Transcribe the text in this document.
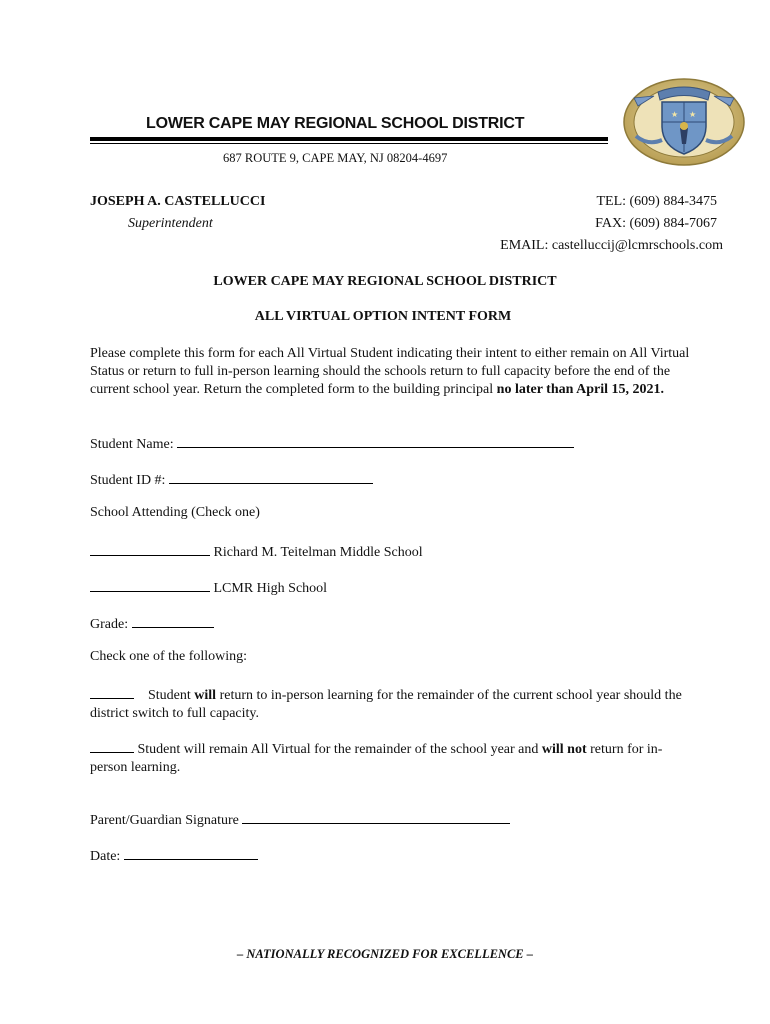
LOWER CAPE MAY REGIONAL SCHOOL DISTRICT
687 ROUTE 9, CAPE MAY, NJ 08204-4697
★ ★
JOSEPH A. CASTELLUCCI
Superintendent
TEL: (609) 884-3475
FAX: (609) 884-7067
EMAIL: castelluccij@lcmrschools.com
LOWER CAPE MAY REGIONAL SCHOOL DISTRICT
ALL VIRTUAL OPTION INTENT FORM
Please complete this form for each All Virtual Student indicating their intent to either remain on All Virtual Status or return to full in-person learning should the schools return to full capacity before the end of the current school year. Return the completed form to the building principal no later than April 15, 2021.
Student Name:
Student ID #:
School Attending (Check one)
Richard M. Teitelman Middle School
LCMR High School
Grade:
Check one of the following:
Student will return to in-person learning for the remainder of the current school year should the district switch to full capacity.
Student will remain All Virtual for the remainder of the school year and will not return for in-person learning.
Parent/Guardian Signature
Date:
– NATIONALLY RECOGNIZED FOR EXCELLENCE –
